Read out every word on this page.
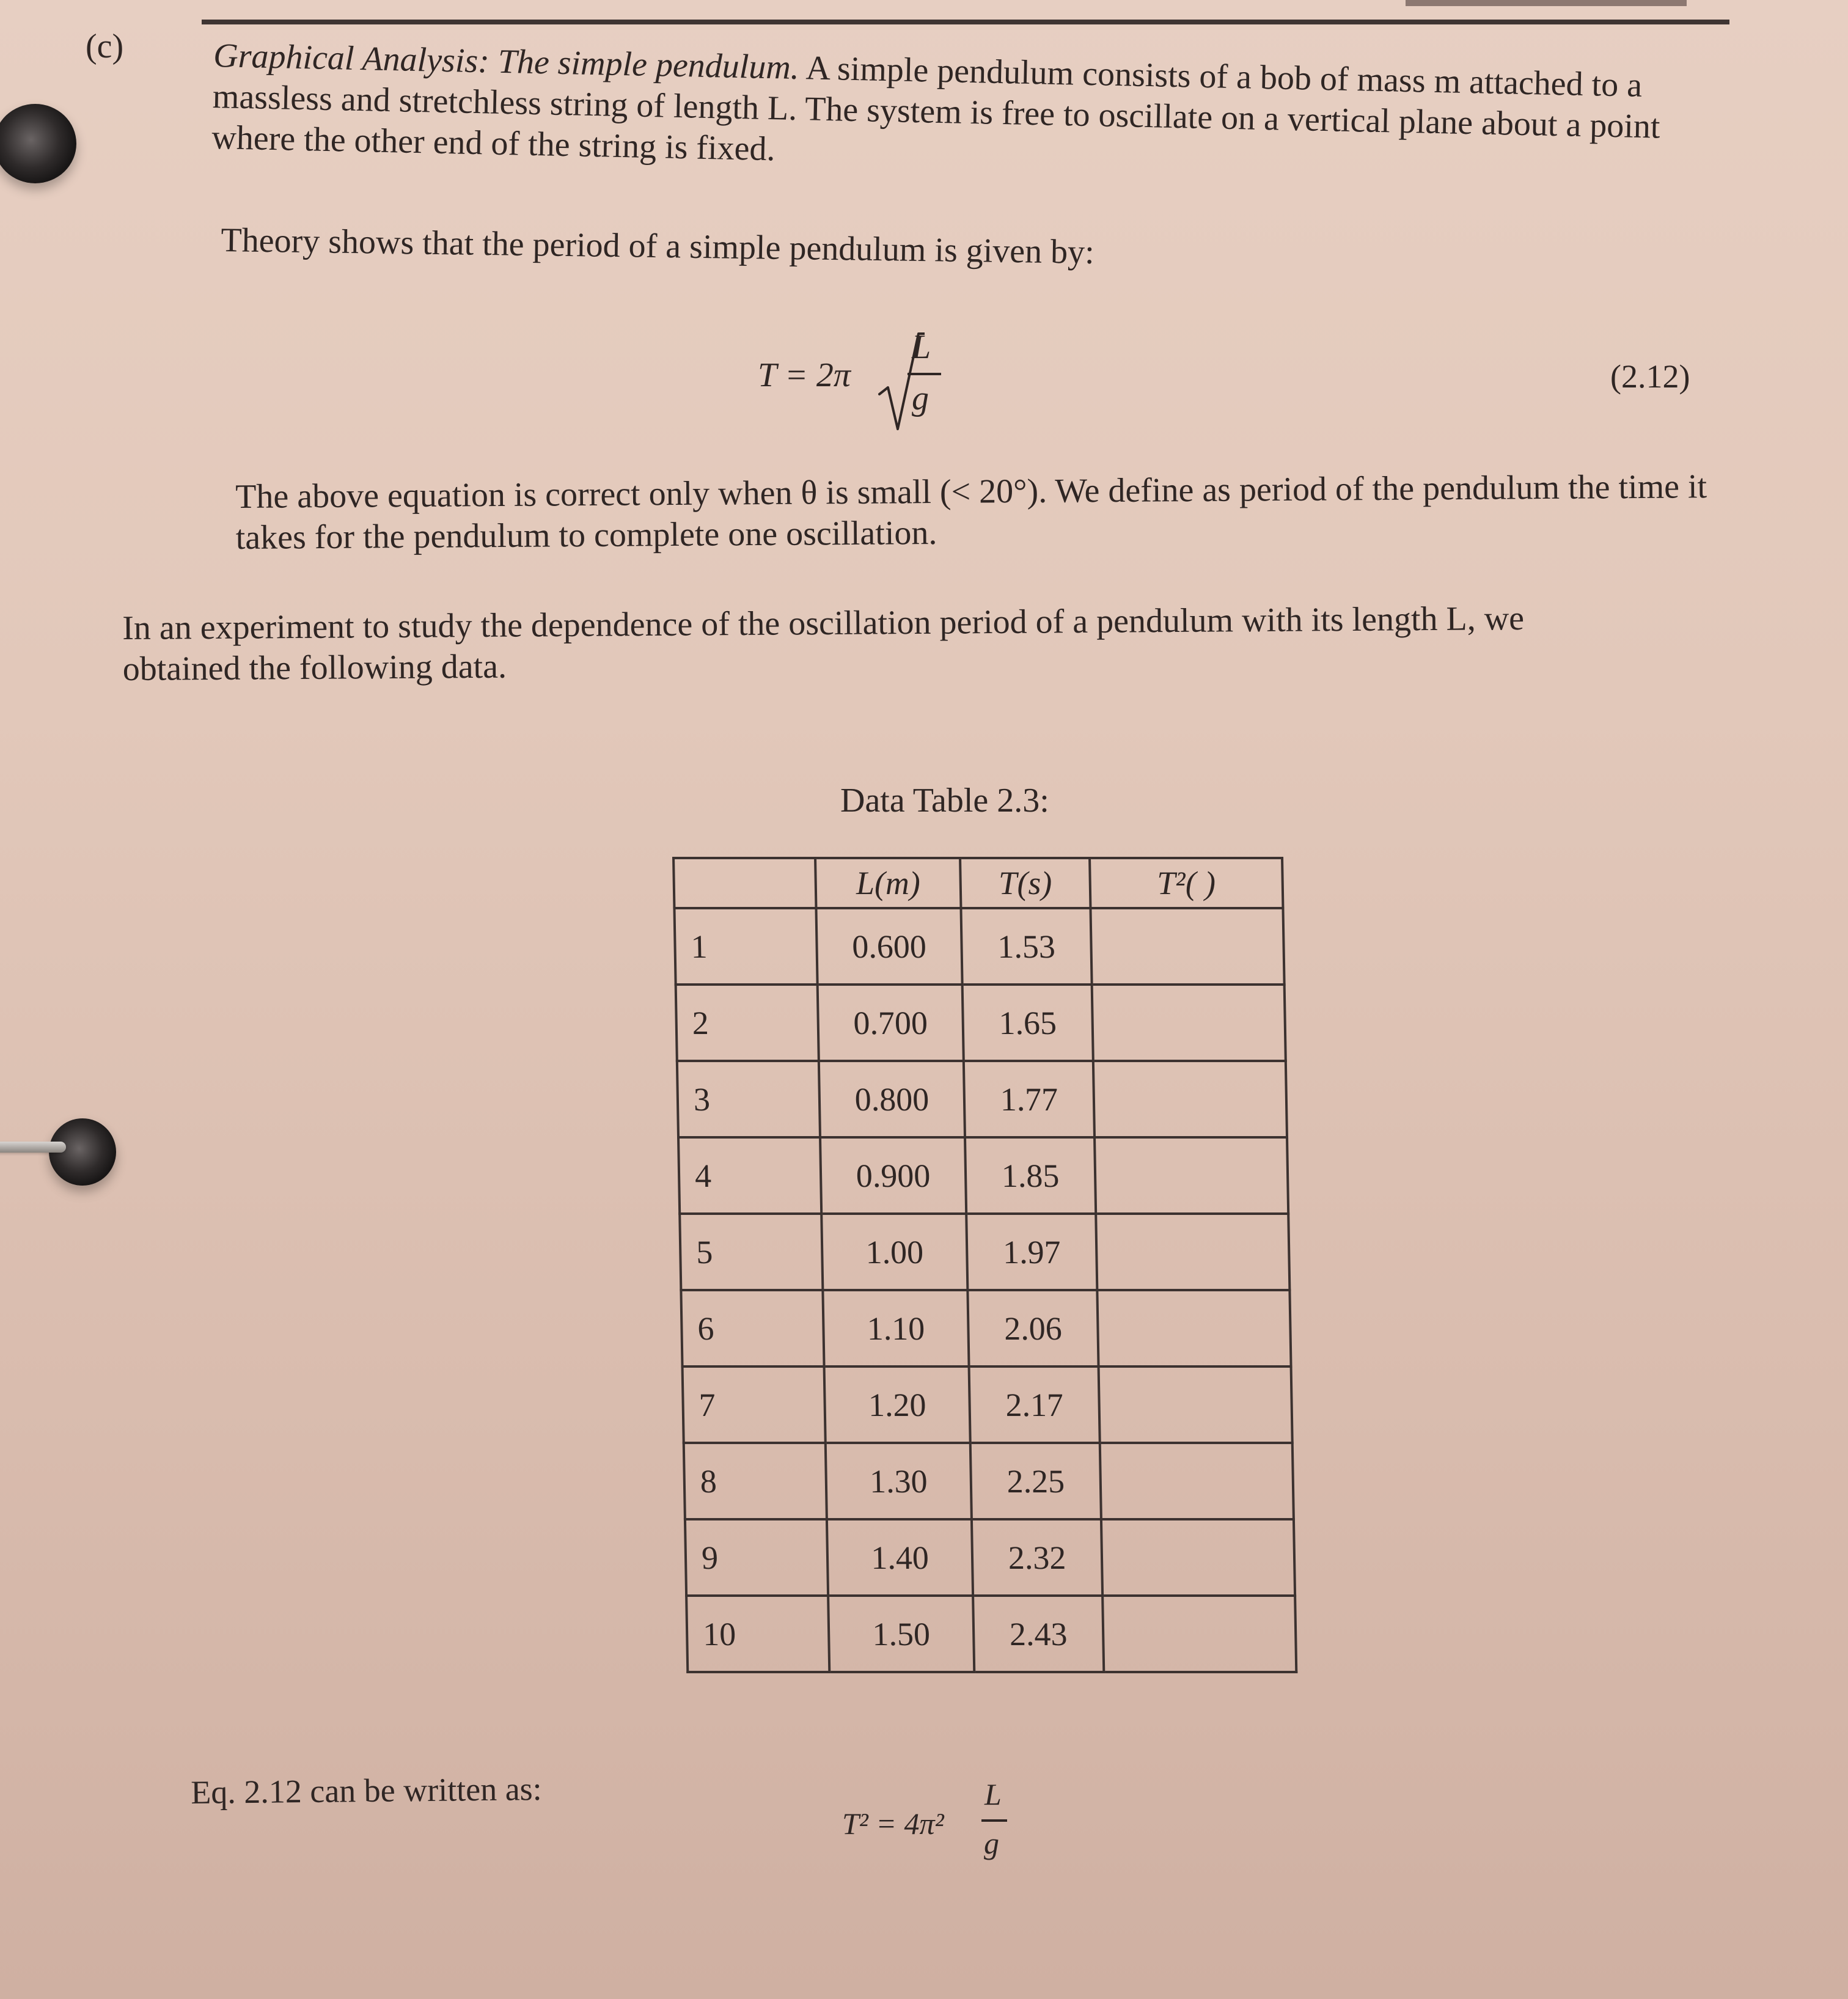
(c)	Graphical Analysis: The simple pendulum. A simple pendulum consists of a bob of mass m attached to a massless and stretchless string of length L. The system is free to oscillate on a vertical plane about a point where the other end of the string is fixed.

Theory shows that the period of a simple pendulum is given by:

T = 2π
L
g
(2.12)

The above equation is correct only when θ is small (< 20°). We define as period of the pendulum the time it takes for the pendulum to complete one oscillation.

In an experiment to study the dependence of the oscillation period of a pendulum with its length L, we obtained the following data.

Data Table 2.3:
	L(m)	T(s)	T²( )
1	0.600	1.53	
2	0.700	1.65	
3	0.800	1.77	
4	0.900	1.85	
5	1.00	1.97	
6	1.10	2.06	
7	1.20	2.17	
8	1.30	2.25	
9	1.40	2.32	
10	1.50	2.43	
Eq. 2.12 can be written as:
T² = 4π²
L
g
